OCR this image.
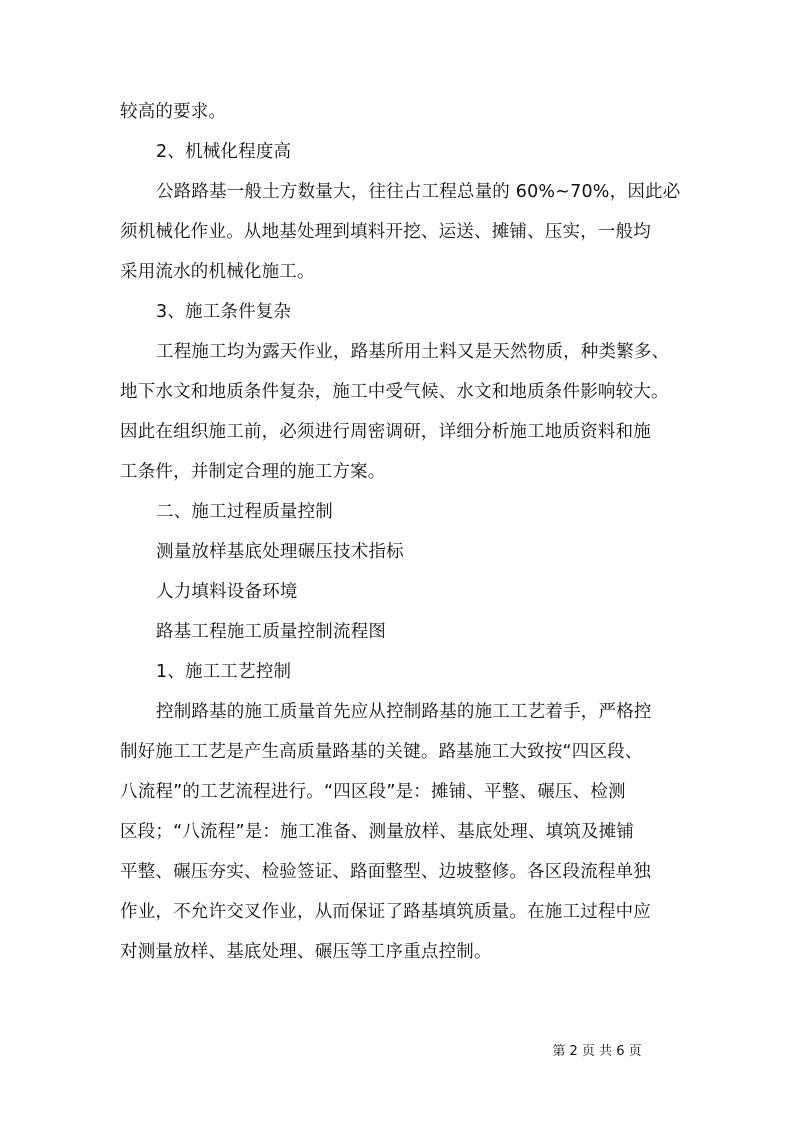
较高的要求。
2、机械化程度高
公路路基一般土方数量大，往往占工程总量的 60%~70%，因此必
须机械化作业。从地基处理到填料开挖、运送、摊铺、压实，一般均
采用流水的机械化施工。
3、施工条件复杂
工程施工均为露天作业，路基所用土料又是天然物质，种类繁多、
地下水文和地质条件复杂，施工中受气候、水文和地质条件影响较大。
因此在组织施工前，必须进行周密调研，详细分析施工地质资料和施
工条件，并制定合理的施工方案。
二、施工过程质量控制
测量放样基底处理碾压技术指标
人力填料设备环境
路基工程施工质量控制流程图
1、施工工艺控制
控制路基的施工质量首先应从控制路基的施工工艺着手，严格控
制好施工工艺是产生高质量路基的关键。路基施工大致按“四区段、
八流程”的工艺流程进行。“四区段”是：摊铺、平整、碾压、检测
区段；“八流程”是：施工准备、测量放样、基底处理、填筑及摊铺
平整、碾压夯实、检验签证、路面整型、边坡整修。各区段流程单独
作业，不允许交叉作业，从而保证了路基填筑质量。在施工过程中应
对测量放样、基底处理、碾压等工序重点控制。
第 2 页 共 6 页
